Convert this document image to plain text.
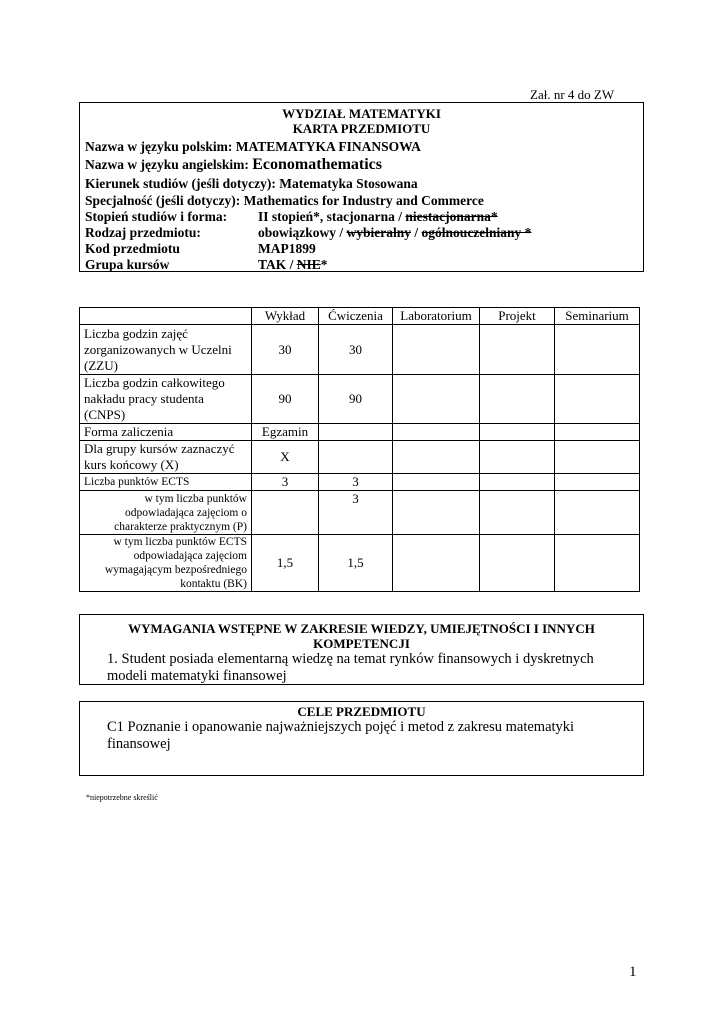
Zał. nr 4 do ZW
WYDZIAŁ MATEMATYKI
KARTA PRZEDMIOTU
Nazwa w języku polskim: MATEMATYKA FINANSOWA
Nazwa w języku angielskim: Economathematics
Kierunek studiów (jeśli dotyczy): Matematyka Stosowana
Specjalność (jeśli dotyczy): Mathematics for Industry and Commerce
Stopień studiów i forma: II stopień*, stacjonarna / niestacjonarna*
Rodzaj przedmiotu:	obowiązkowy / wybieralny / ogólnouczelniany *
Kod przedmiotu	MAP1899
Grupa kursów	TAK / NIE*
	Wykład	Ćwiczenia	Laboratorium	Projekt	Seminarium
Liczba godzin zajęć zorganizowanych w Uczelni (ZZU)	30	30			
Liczba godzin całkowitego nakładu pracy studenta (CNPS)	90	90			
Forma zaliczenia	Egzamin				
Dla grupy kursów zaznaczyć kurs końcowy (X)	X				
Liczba punktów ECTS	3	3			
w tym liczba punktów odpowiadająca zajęciom o charakterze praktycznym (P)		3			
w tym liczba punktów ECTS odpowiadająca zajęciom wymagającym bezpośredniego kontaktu (BK)	1,5	1,5			
WYMAGANIA WSTĘPNE W ZAKRESIE WIEDZY, UMIEJĘTNOŚCI I INNYCH KOMPETENCJI
1. Student posiada elementarną wiedzę na temat rynków finansowych i dyskretnych modeli matematyki finansowej
CELE PRZEDMIOTU
C1 Poznanie i opanowanie najważniejszych pojęć i metod z zakresu matematyki finansowej
*niepotrzebne skreślić
1
